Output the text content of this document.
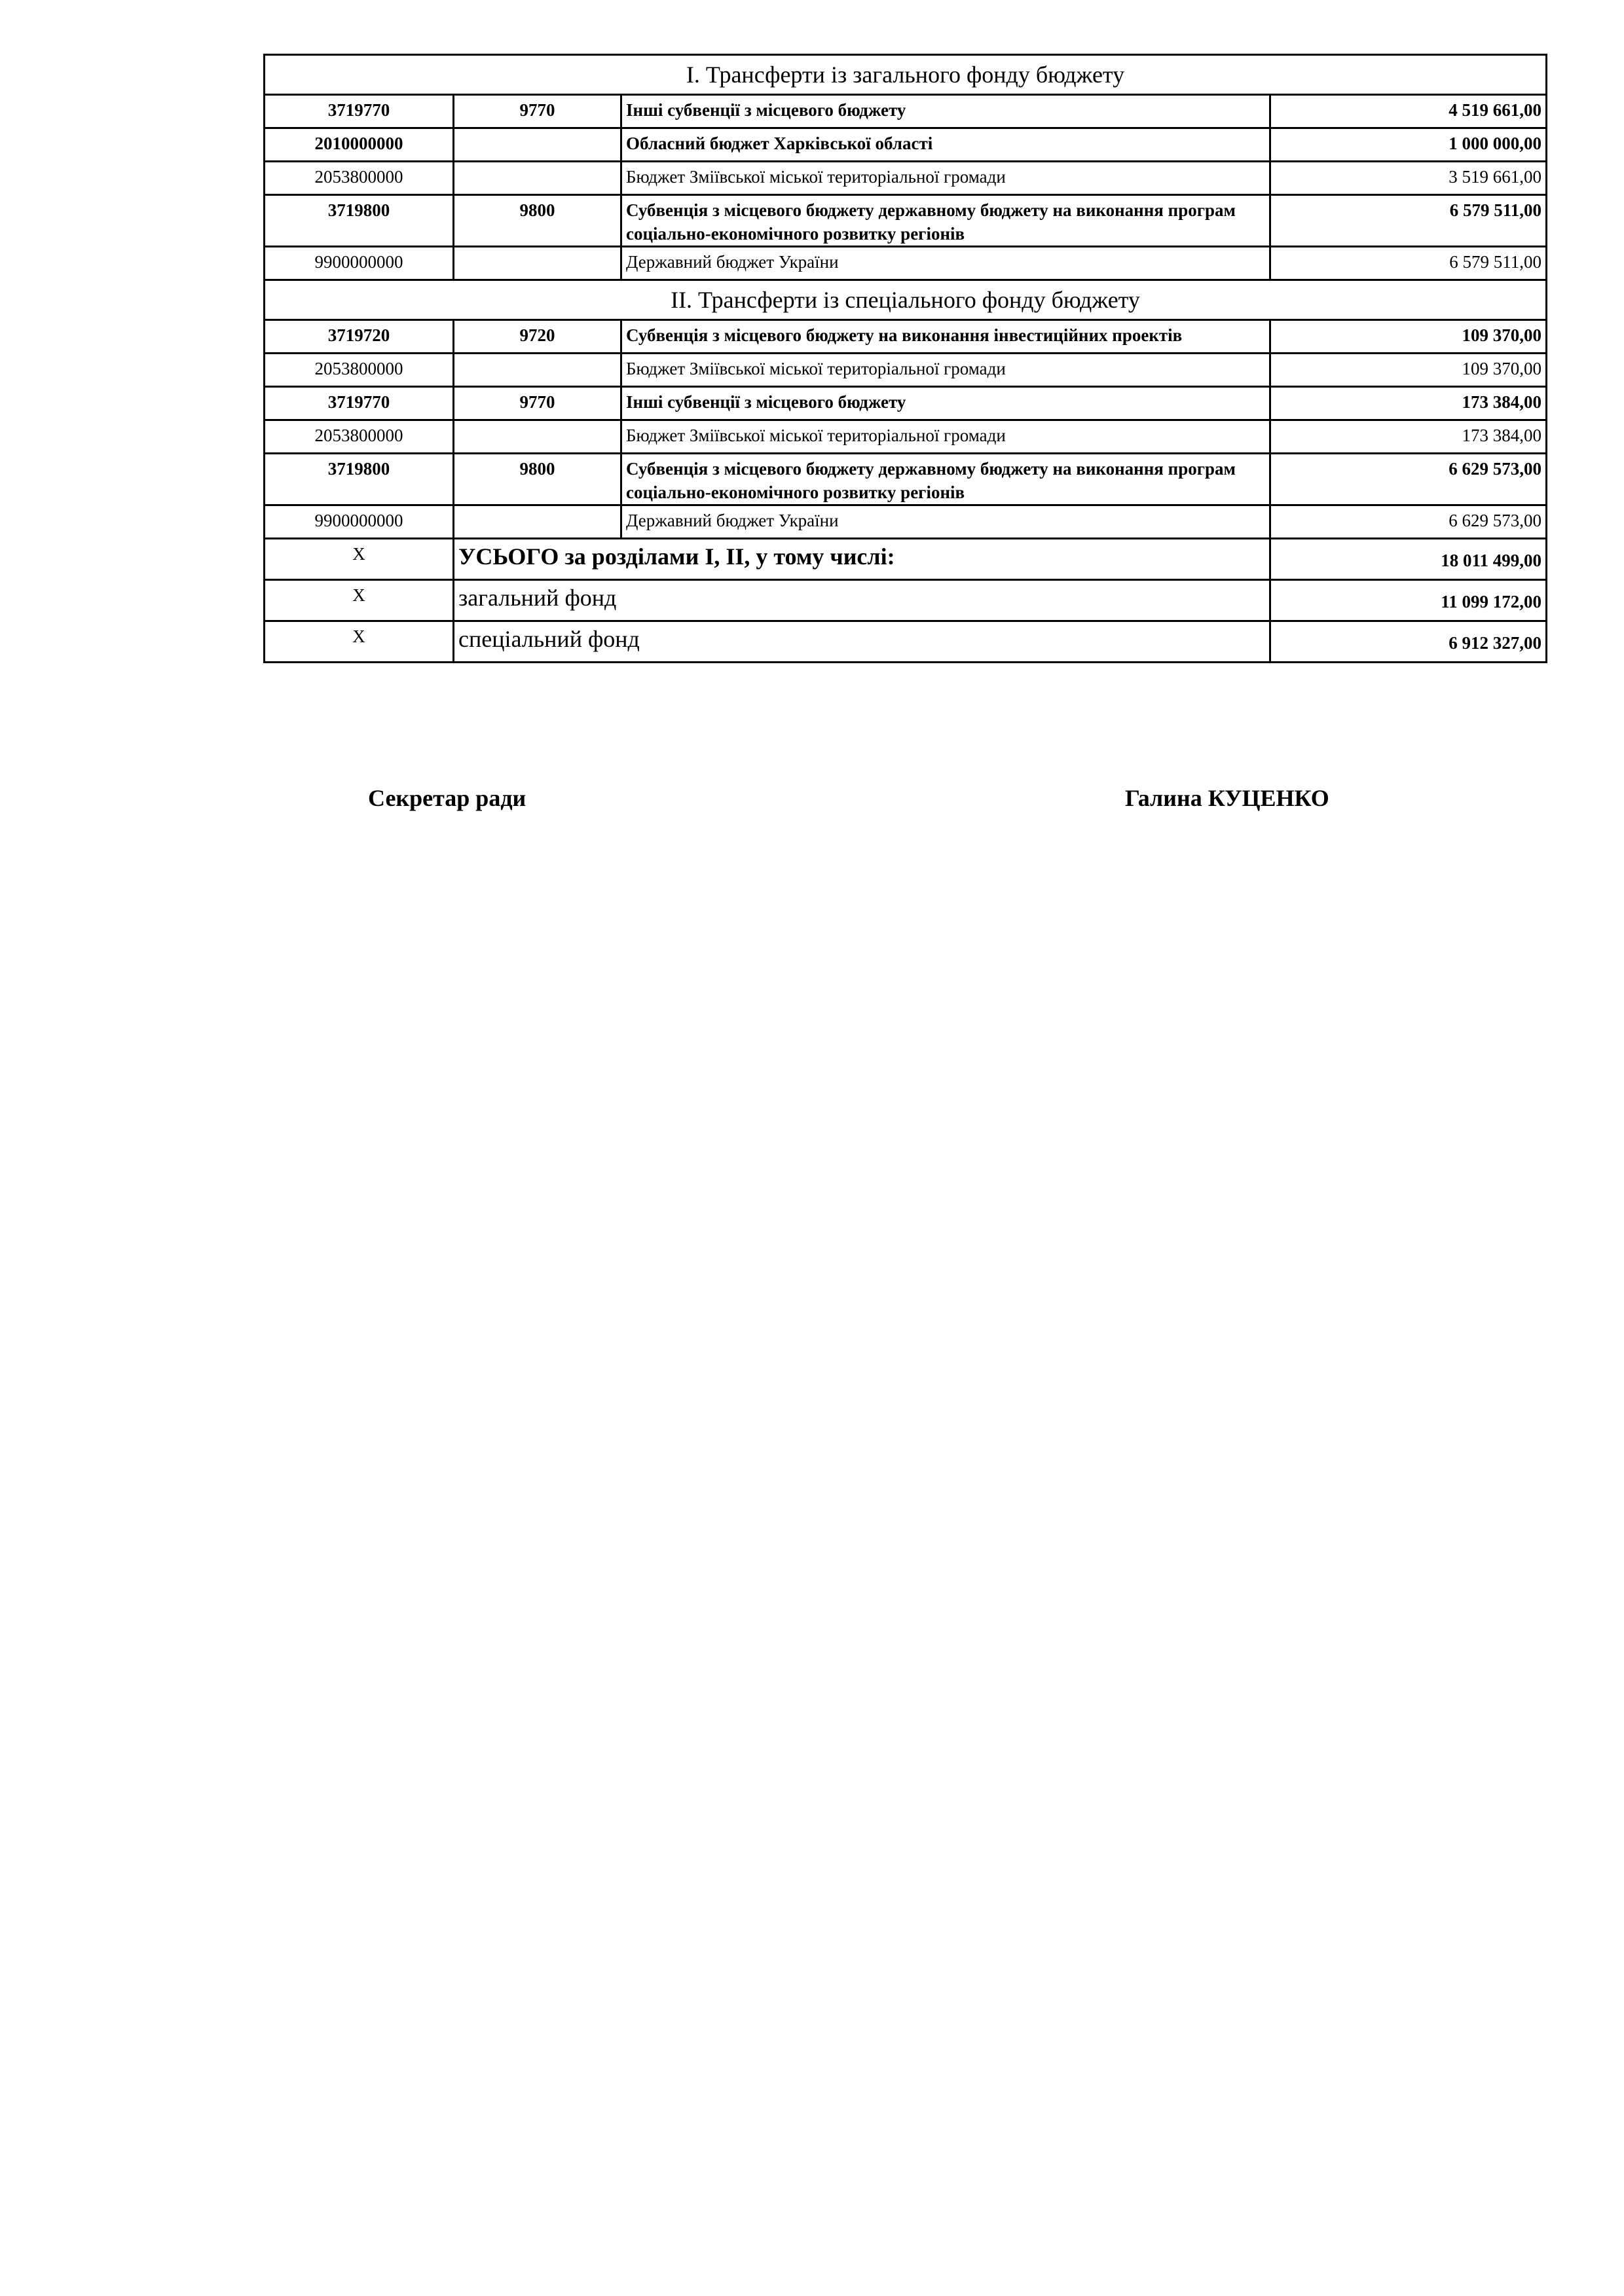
І. Трансферти із загального фонду бюджету			
3719770	9770	Інші субвенції з місцевого бюджету	4 519 661,00
2010000000		Обласний бюджет Харківської області	1 000 000,00
2053800000		Бюджет Зміївської міської територіальної громади	3 519 661,00
3719800	9800	Субвенція з місцевого бюджету державному бюджету на виконання програм соціально-економічного розвитку регіонів	6 579 511,00
9900000000		Державний бюджет України	6 579 511,00
ІІ. Трансферти із спеціального фонду бюджету			
3719720	9720	Субвенція з місцевого бюджету на виконання інвестиційних проектів	109 370,00
2053800000		Бюджет Зміївської міської територіальної громади	109 370,00
3719770	9770	Інші субвенції з місцевого бюджету	173 384,00
2053800000		Бюджет Зміївської міської територіальної громади	173 384,00
3719800	9800	Субвенція з місцевого бюджету державному бюджету на виконання програм соціально-економічного розвитку регіонів	6 629 573,00
9900000000		Державний бюджет України	6 629 573,00
X	УСЬОГО за розділами І, ІІ, у тому числі:		18 011 499,00
X	загальний фонд		11 099 172,00
X	спеціальний фонд		6 912 327,00
Секретар ради	Галина КУЦЕНКО
